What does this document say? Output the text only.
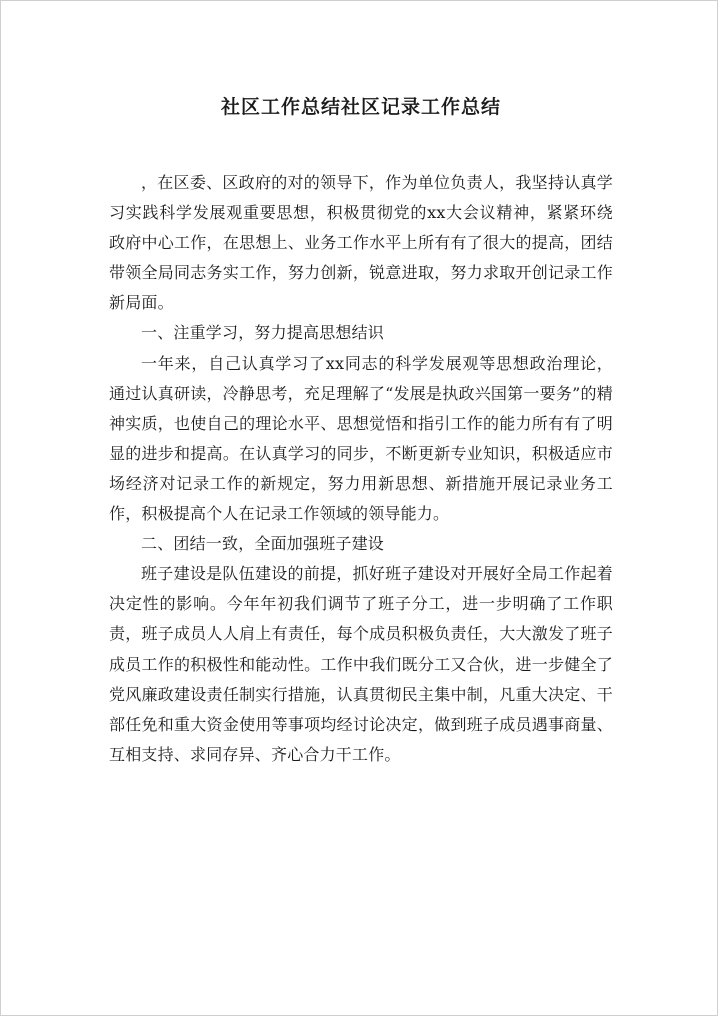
社区工作总结社区记录工作总结

，在区委、区政府的对的领导下，作为单位负责人，我坚持认真学习实践科学发展观重要思想，积极贯彻党的xx大会议精神，紧紧环绕政府中心工作，在思想上、业务工作水平上所有有了很大的提高，团结带领全局同志务实工作，努力创新，锐意进取，努力求取开创记录工作新局面。

一、注重学习，努力提高思想结识

一年来，自己认真学习了xx同志的科学发展观等思想政治理论，通过认真研读，冷静思考，充足理解了“发展是执政兴国第一要务”的精神实质，也使自己的理论水平、思想觉悟和指引工作的能力所有有了明显的进步和提高。在认真学习的同步，不断更新专业知识，积极适应市场经济对记录工作的新规定，努力用新思想、新措施开展记录业务工作，积极提高个人在记录工作领域的领导能力。

二、团结一致，全面加强班子建设

班子建设是队伍建设的前提，抓好班子建设对开展好全局工作起着决定性的影响。今年年初我们调节了班子分工，进一步明确了工作职责，班子成员人人肩上有责任，每个成员积极负责任，大大激发了班子成员工作的积极性和能动性。工作中我们既分工又合伙，进一步健全了党风廉政建设责任制实行措施，认真贯彻民主集中制，凡重大决定、干部任免和重大资金使用等事项均经讨论决定，做到班子成员遇事商量、互相支持、求同存异、齐心合力干工作。
